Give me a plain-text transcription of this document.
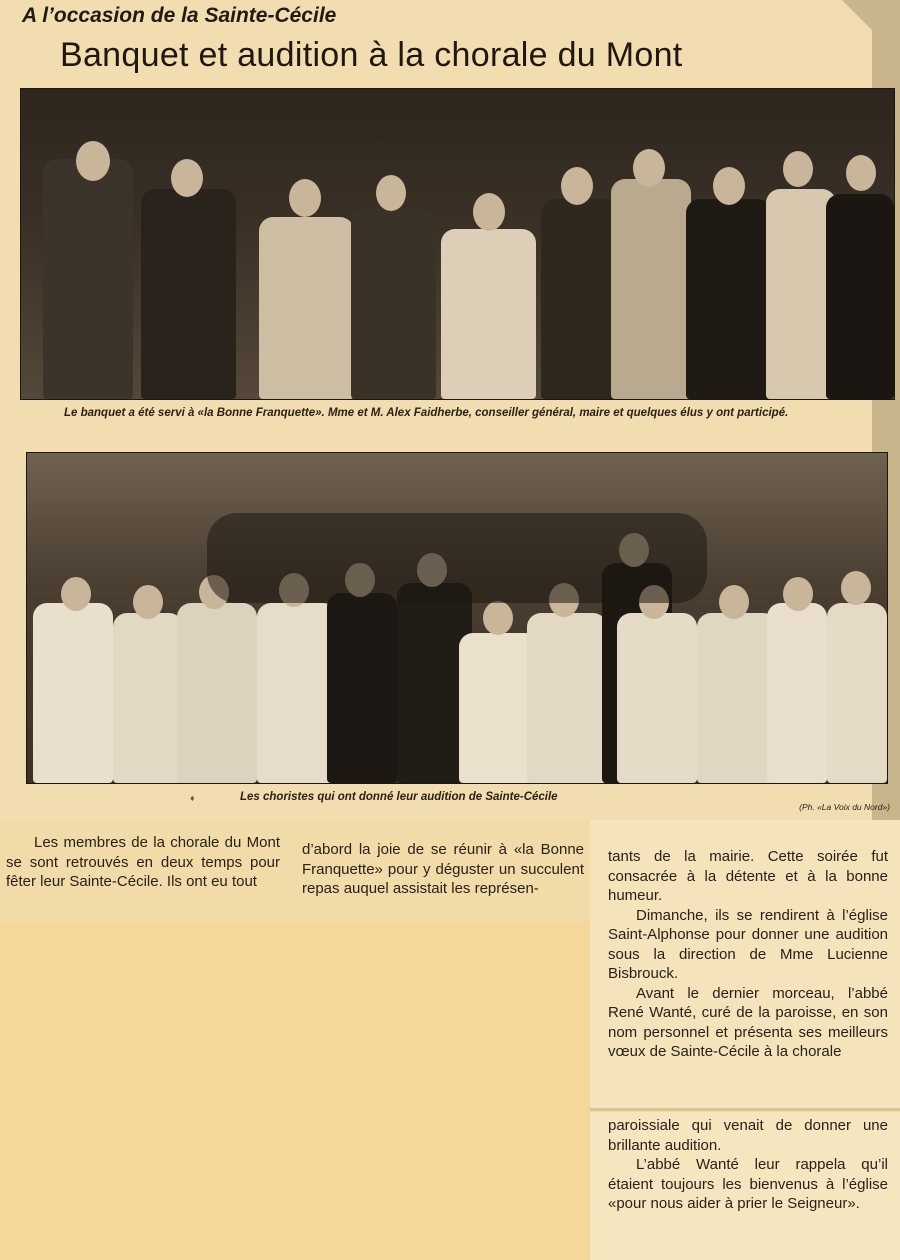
A l’occasion de la Sainte-Cécile
Banquet et audition à la chorale du Mont
Le banquet a été servi à «la Bonne Franquette». Mme et M. Alex Faidherbe, conseiller général, maire et quelques élus y ont participé.
♦	Les choristes qui ont donné leur audition de Sainte-Cécile
(Ph. «La Voix du Nord»)

Les membres de la chorale du Mont se sont retrouvés en deux temps pour fêter leur Sainte-Cécile. Ils ont eu tout

d’abord la joie de se réunir à «la Bonne Franquette» pour y déguster un succulent repas auquel assistait les représen-

tants de la mairie. Cette soirée fut consacrée à la détente et à la bonne humeur.

Dimanche, ils se rendirent à l’église Saint-Alphonse pour donner une audition sous la direction de Mme Lucienne Bisbrouck.

Avant le dernier morceau, l’abbé René Wanté, curé de la paroisse, en son nom personnel et présenta ses meilleurs vœux de Sainte-Cécile à la chorale

paroissiale qui venait de donner une brillante audition.

L’abbé Wanté leur rappela qu’il étaient toujours les bienvenus à l’église «pour nous aider à prier le Seigneur».
